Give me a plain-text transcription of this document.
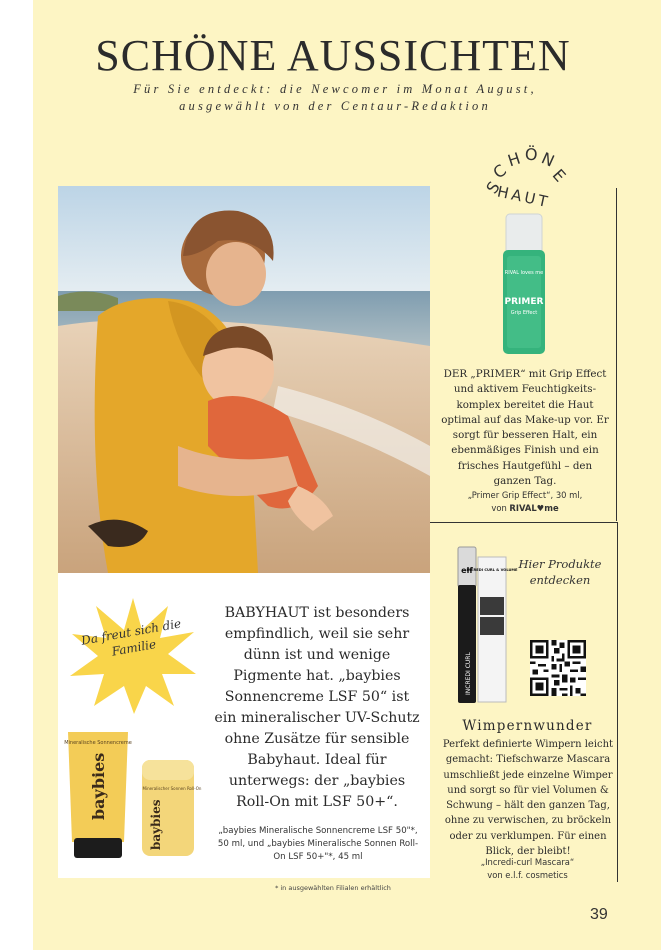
SCHÖNE AUSSICHTEN
Für Sie entdeckt: die Newcomer im Monat August,
ausgewählt von der Centaur-Redaktion
Da freut sich die Familie
Mineralische Sonnencreme
baybies	Mineralischer Sonnen Roll-On
baybies
BABYHAUT ist besonders empfindlich, weil sie sehr dünn ist und wenige Pigmente hat. „baybies Sonnencreme LSF 50“ ist ein mineralischer UV-Schutz ohne Zusätze für sensible Babyhaut. Ideal für unterwegs: der „baybies Roll-On mit LSF 50+“.
„baybies Mineralische Sonnencreme LSF 50"*, 50 ml, und „baybies Mineralische Sonnen Roll-On LSF 50+"*, 45 ml
* in ausgewählten Filialen erhältlich
S
C
H Ö N
E
HAUT
RIVAL loves me
PRIMER
Grip Effect
DER „PRIMER“ mit Grip Effect und aktivem Feuchtigkeits-komplex bereitet die Haut optimal auf das Make-up vor. Er sorgt für besseren Halt, ein ebenmäßiges Finish und ein frisches Hautgefühl – den ganzen Tag.
„Primer Grip Effect“, 30 ml,
von RIVAL♥me
elf
INCREDI CURL
INCREDI CURL & VOLUME Hier Produkte entdecken
Wimpernwunder
Perfekt definierte Wimpern leicht gemacht: Tiefschwarze Mascara umschließt jede einzelne Wimper und sorgt so für viel Volumen & Schwung – hält den ganzen Tag, ohne zu verwischen, zu bröckeln oder zu verklumpen. Für einen Blick, der bleibt!
„Incredi-curl Mascara“
von e.l.f. cosmetics
39
